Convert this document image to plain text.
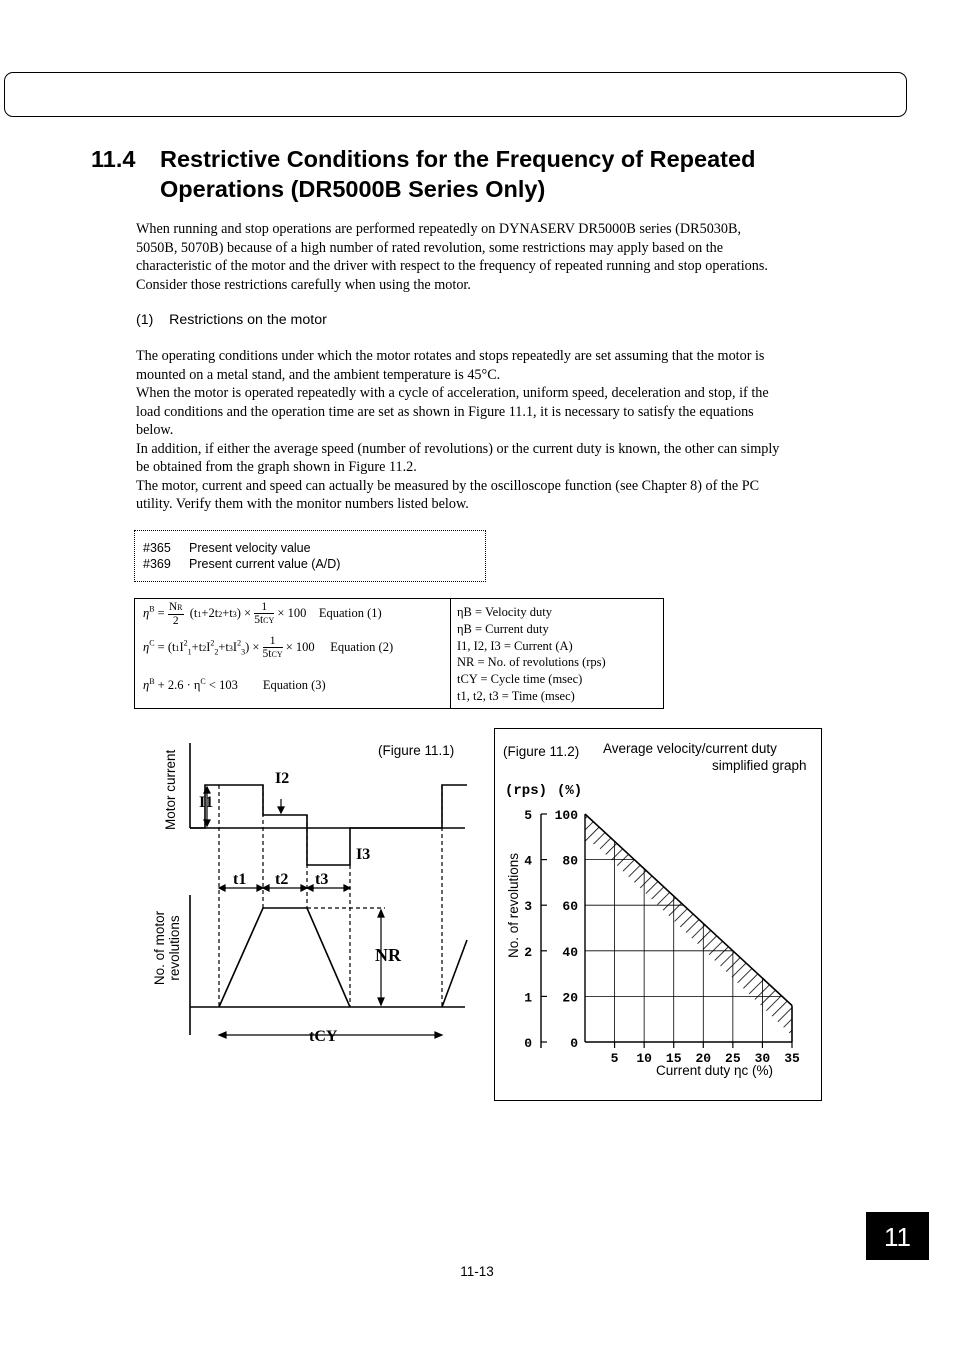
11.4 Restrictive Conditions for the Frequency of Repeated
Operations (DR5000B Series Only)

When running and stop operations are performed repeatedly on DYNASERV DR5000B series (DR5030B,

5050B, 5070B) because of a high number of rated revolution, some restrictions may apply based on the

characteristic of the motor and the driver with respect to the frequency of repeated running and stop operations.

Consider those restrictions carefully when using the motor.

(1)    Restrictions on the motor

The operating conditions under which the motor rotates and stops repeatedly are set assuming that the motor is

mounted on a metal stand, and the ambient temperature is 45°C.

When the motor is operated repeatedly with a cycle of acceleration, uniform speed, deceleration and stop, if the

load conditions and the operation time are set as shown in Figure 11.1, it is necessary to satisfy the equations

below.

In addition, if either the average speed (number of revolutions) or the current duty is known, the other can simply

be obtained from the graph shown in Figure 11.2.

The motor, current and speed can actually be measured by the oscilloscope function (see Chapter 8) of the PC

utility. Verify them with the monitor numbers listed below.

#365 Present velocity value
#369 Present current value (A/D)
$\eta^B = \frac{NR}{2} (t1+2t2+t3) \times \frac{1}{\text{5tCY}} \times 100$    Equation (1)
$\eta^C = (t1I^2_1+t2I^2_2+t3I^2_3) \times \frac{1}{\text{5tCY}} \times 100$     Equation (2)
$\eta^B + 2.6 \cdot \eta^C < 103$        Equation (3)
ηB = Velocity duty
ηB = Current duty
I1, I2, I3 = Current (A)
NR = No. of revolutions (rps)
tCY = Cycle time (msec)
t1, t2, t3 = Time (msec)
(Figure 11.1)
Motor current
No. of motor revolutions
I1
I2
I3
t1 t2 t3
NR
tCY
(Figure 11.2) Average velocity/current duty
simplified graph
(rps) (%)
No. of revolutions
Current duty ηc (%)
0	0
1 20
2 40
3 60
4 80
5 100
5 10 15 20 25 30 35
11
11-13
